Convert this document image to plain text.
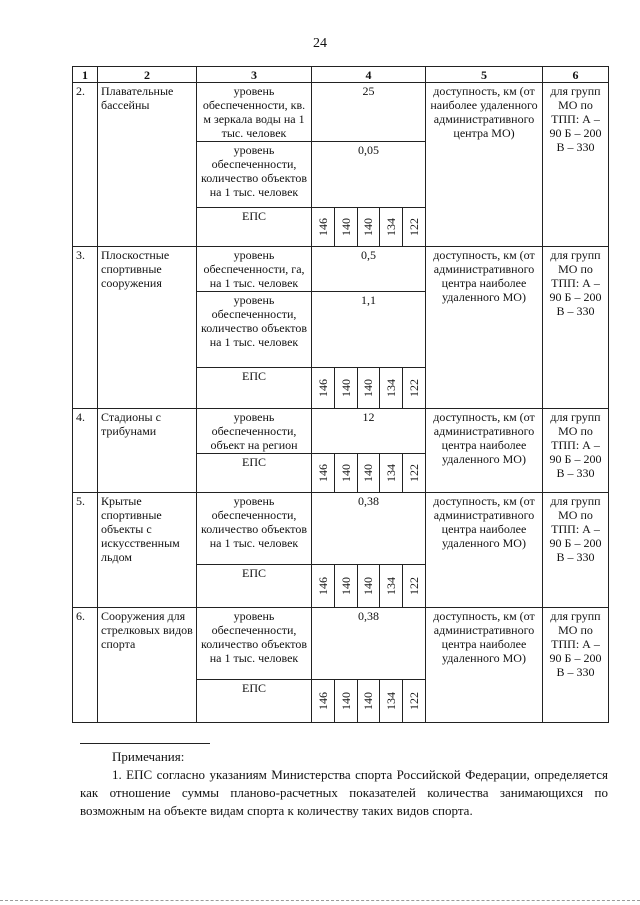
24
1	2	3	4	5	6
2.	Плавательные бассейны	уровень обеспеченности, кв. м зеркала воды на 1 тыс. человек	25	доступность, км (от наиболее удаленного административного центра МО)	для групп МО по ТПП: А – 90 Б – 200 В – 330
		уровень обеспеченности, количество объектов на 1 тыс. человек	0,05		
		ЕПС	146 140 140 134 122		

3.	Плоскостные спортивные сооружения	уровень обеспеченности, га, на 1 тыс. человек	0,5	доступность, км (от административного центра наиболее удаленного МО)	для групп МО по ТПП: А – 90 Б – 200 В – 330
		уровень обеспеченности, количество объектов на 1 тыс. человек	1,1		
		ЕПС	146 140 140 134 122		

4.	Стадионы с трибунами	уровень обеспеченности, объект на регион	12	доступность, км (от административного центра наиболее удаленного МО)	для групп МО по ТПП: А – 90 Б – 200 В – 330
		ЕПС	146 140 140 134 122		

5.	Крытые спортивные объекты с искусственным льдом	уровень обеспеченности, количество объектов на 1 тыс. человек	0,38	доступность, км (от административного центра наиболее удаленного МО)	для групп МО по ТПП: А – 90 Б – 200 В – 330
		ЕПС	146 140 140 134 122		

6.	Сооружения для стрелковых видов спорта	уровень обеспеченности, количество объектов на 1 тыс. человек	0,38	доступность, км (от административного центра наиболее удаленного МО)	для групп МО по ТПП: А – 90 Б – 200 В – 330
		ЕПС	146 140 140 134 122		
Примечания:
1. ЕПС согласно указаниям Министерства спорта Российской Федерации, определяется как отношение суммы планово-расчетных показателей количества занимающихся по возможным на объекте видам спорта к количеству таких видов спорта.
